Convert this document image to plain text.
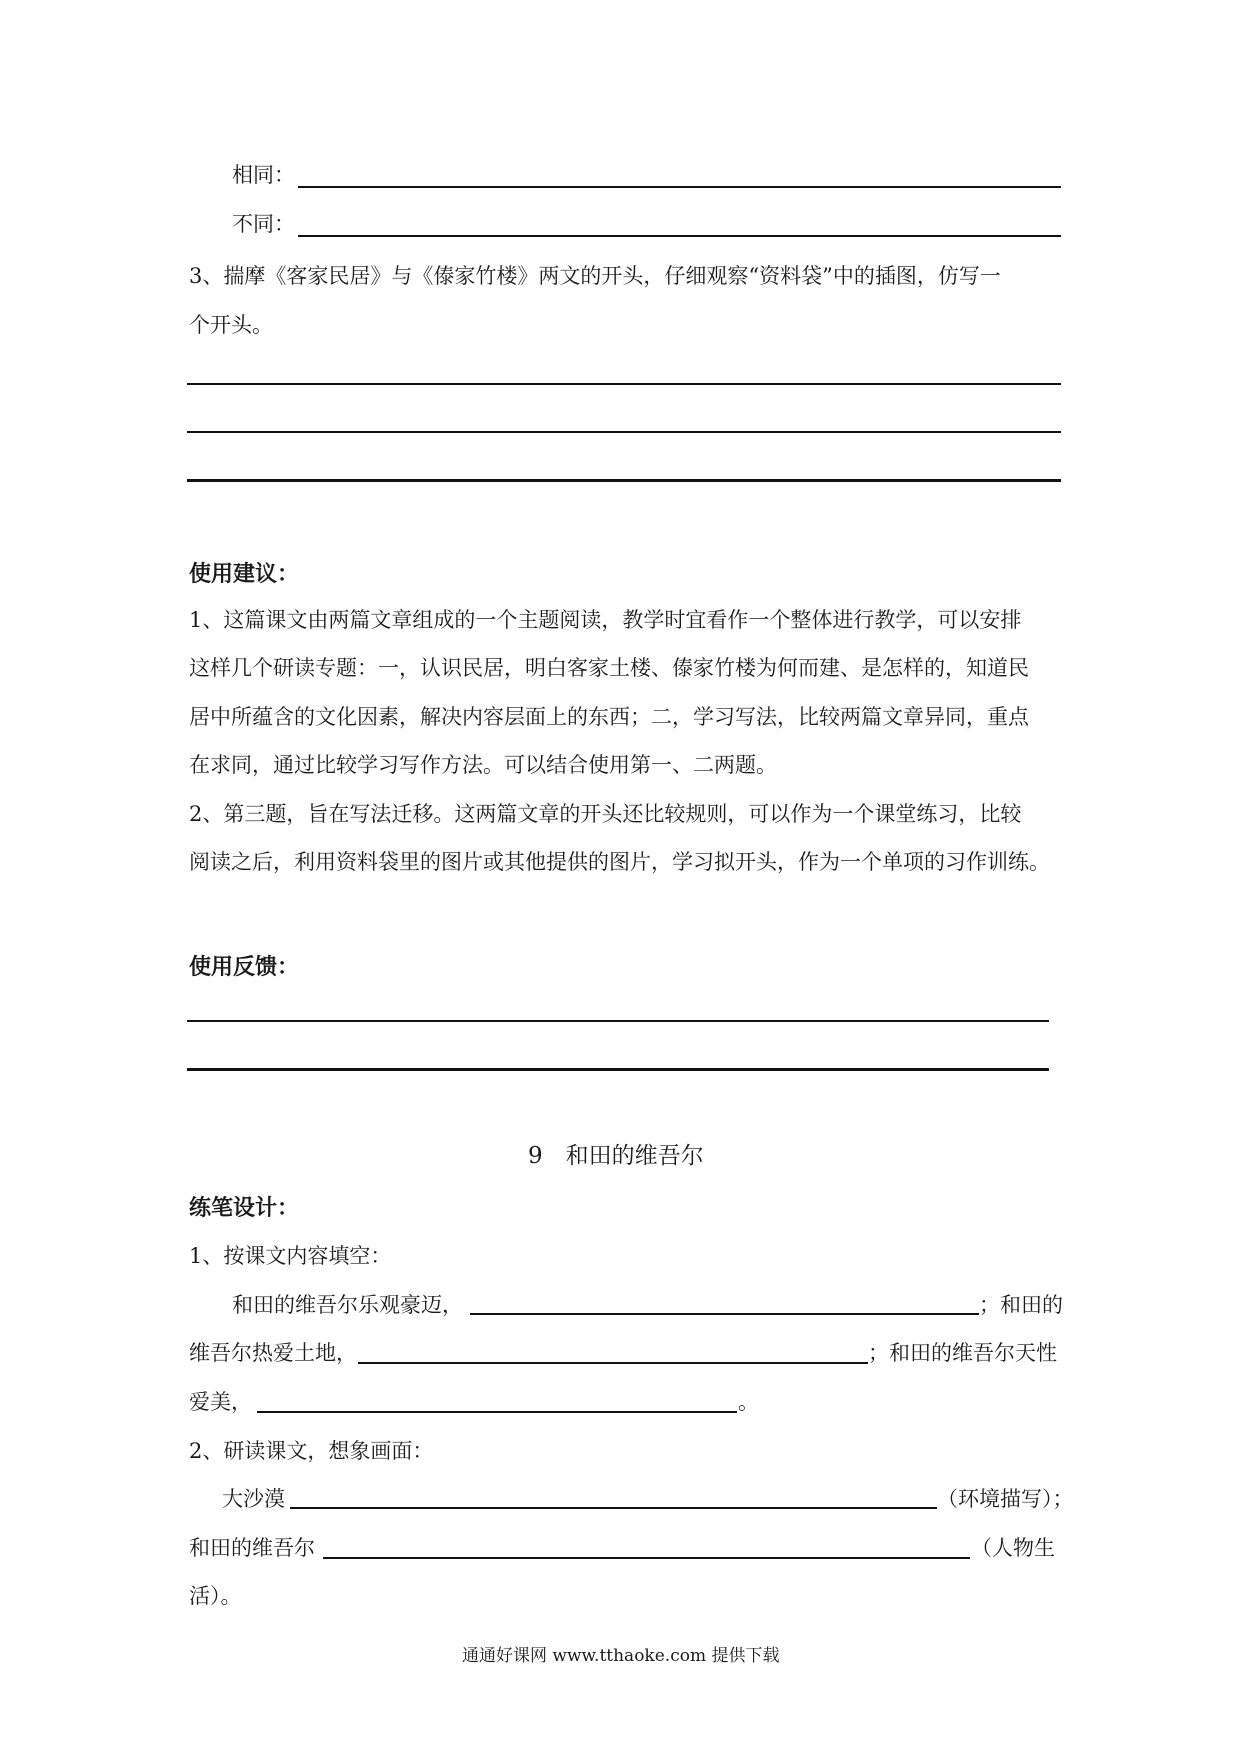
相同：
不同：
3、揣摩《客家民居》与《傣家竹楼》两文的开头，仔细观察“资料袋”中的插图，仿写一
个开头。
使用建议：
1、这篇课文由两篇文章组成的一个主题阅读，教学时宜看作一个整体进行教学，可以安排
这样几个研读专题：一，认识民居，明白客家土楼、傣家竹楼为何而建、是怎样的，知道民
居中所蕴含的文化因素，解决内容层面上的东西；二，学习写法，比较两篇文章异同，重点
在求同，通过比较学习写作方法。可以结合使用第一、二两题。
2、第三题，旨在写法迁移。这两篇文章的开头还比较规则，可以作为一个课堂练习，比较
阅读之后，利用资料袋里的图片或其他提供的图片，学习拟开头，作为一个单项的习作训练。
使用反馈：
9　和田的维吾尔
练笔设计：
1、按课文内容填空：
和田的维吾尔乐观豪迈，	；和田的
维吾尔热爱土地，	；和田的维吾尔天性
爱美，	。
2、研读课文，想象画面：
大沙漠	（环境描写）；
和田的维吾尔	（人物生
活）。
通通好课网 www.tthaoke.com 提供下载
